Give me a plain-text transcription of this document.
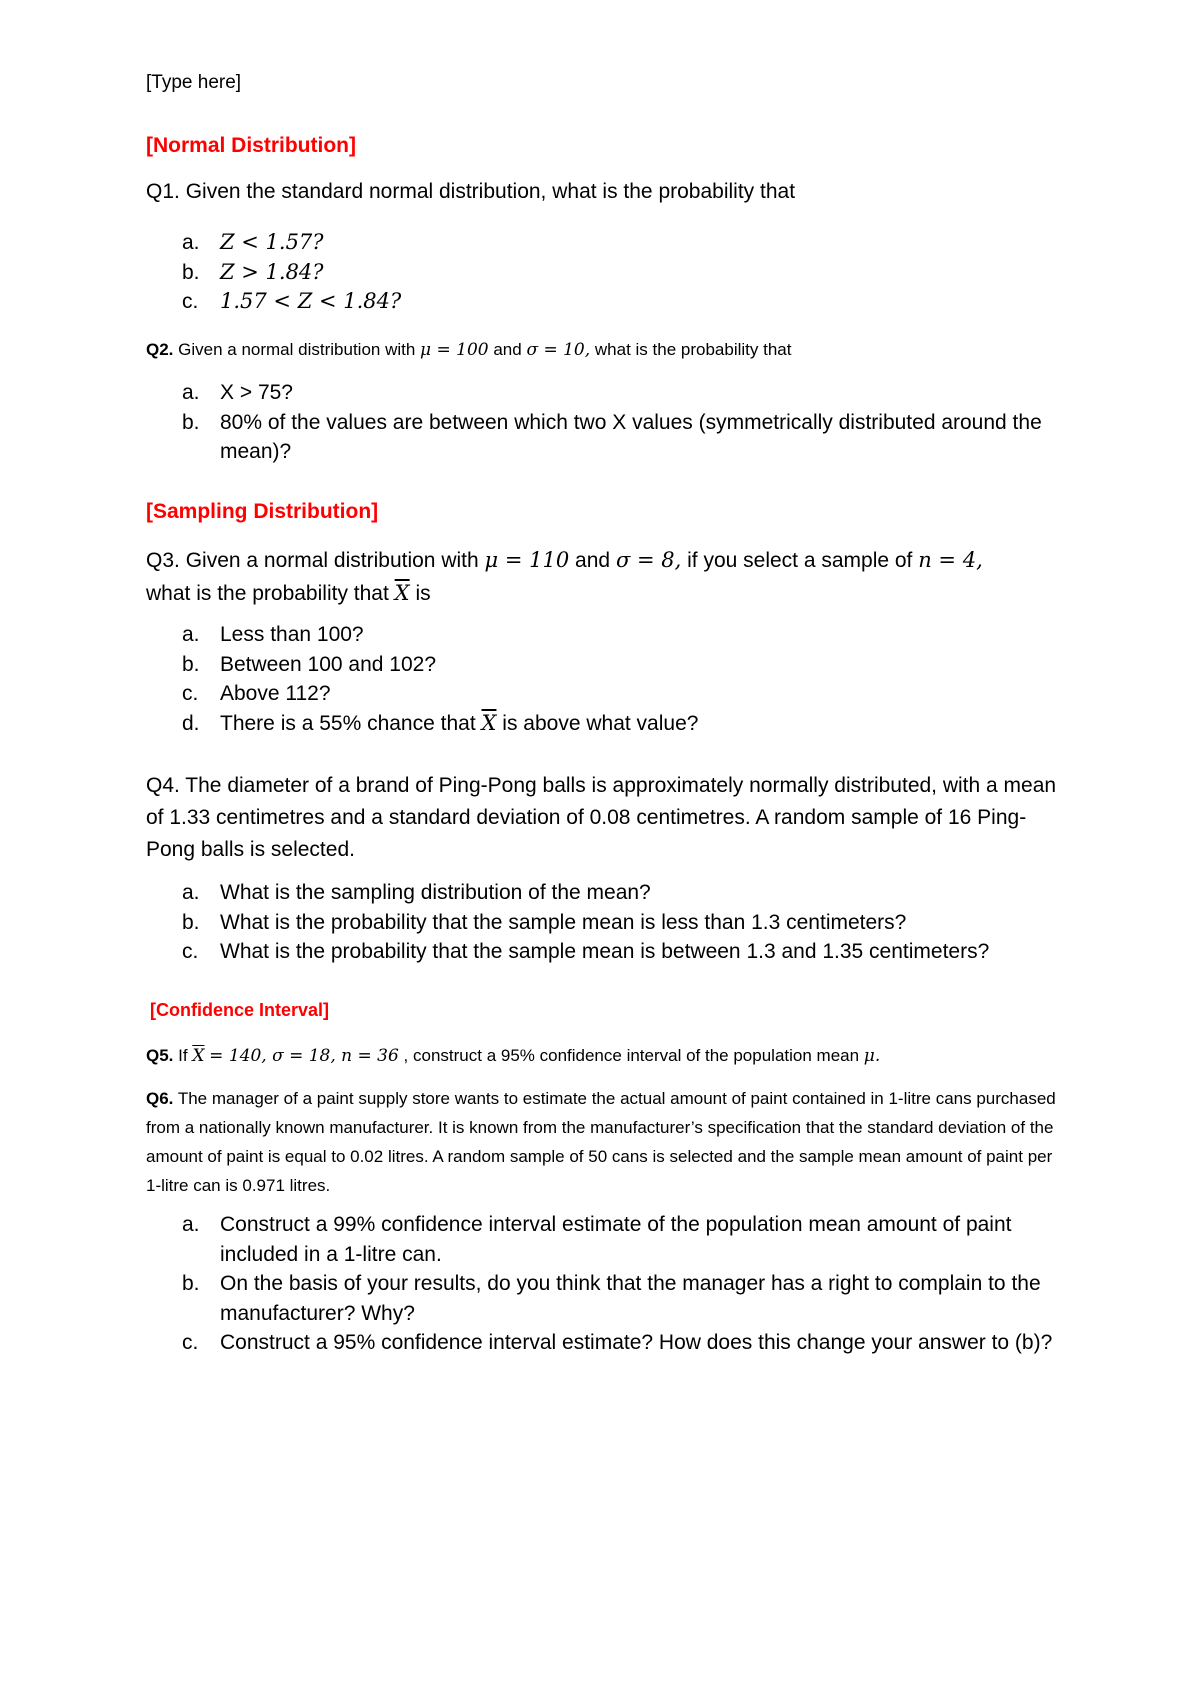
[Type here]
[Normal Distribution]
Q1. Given the standard normal distribution, what is the probability that
a. Z < 1.57?
b. Z > 1.84?
c. 1.57 < Z < 1.84?
Q2. Given a normal distribution with μ = 100 and σ = 10, what is the probability that
a. X > 75?
b. 80% of the values are between which two X values (symmetrically distributed around the mean)?
[Sampling Distribution]
Q3. Given a normal distribution with μ = 110 and σ = 8, if you select a sample of n = 4,
what is the probability that $\overline{X}$ is
a. Less than 100?
b. Between 100 and 102?
c. Above 112?
d. There is a 55% chance that $\overline{X}$ is above what value?
Q4. The diameter of a brand of Ping-Pong balls is approximately normally distributed, with a mean of 1.33 centimetres and a standard deviation of 0.08 centimetres. A random sample of 16 Ping-Pong balls is selected.
a. What is the sampling distribution of the mean?
b. What is the probability that the sample mean is less than 1.3 centimeters?
c. What is the probability that the sample mean is between 1.3 and 1.35 centimeters?
[Confidence Interval]
Q5. If $\overline{X} = 140$, σ = 18, n = 36 , construct a 95% confidence interval of the population mean μ.
Q6. The manager of a paint supply store wants to estimate the actual amount of paint contained in 1-litre cans purchased from a nationally known manufacturer. It is known from the manufacturer’s specification that the standard deviation of the amount of paint is equal to 0.02 litres. A random sample of 50 cans is selected and the sample mean amount of paint per 1-litre can is 0.971 litres.
a. Construct a 99% confidence interval estimate of the population mean amount of paint included in a 1-litre can.
b. On the basis of your results, do you think that the manager has a right to complain to the manufacturer? Why?
c. Construct a 95% confidence interval estimate? How does this change your answer to (b)?
